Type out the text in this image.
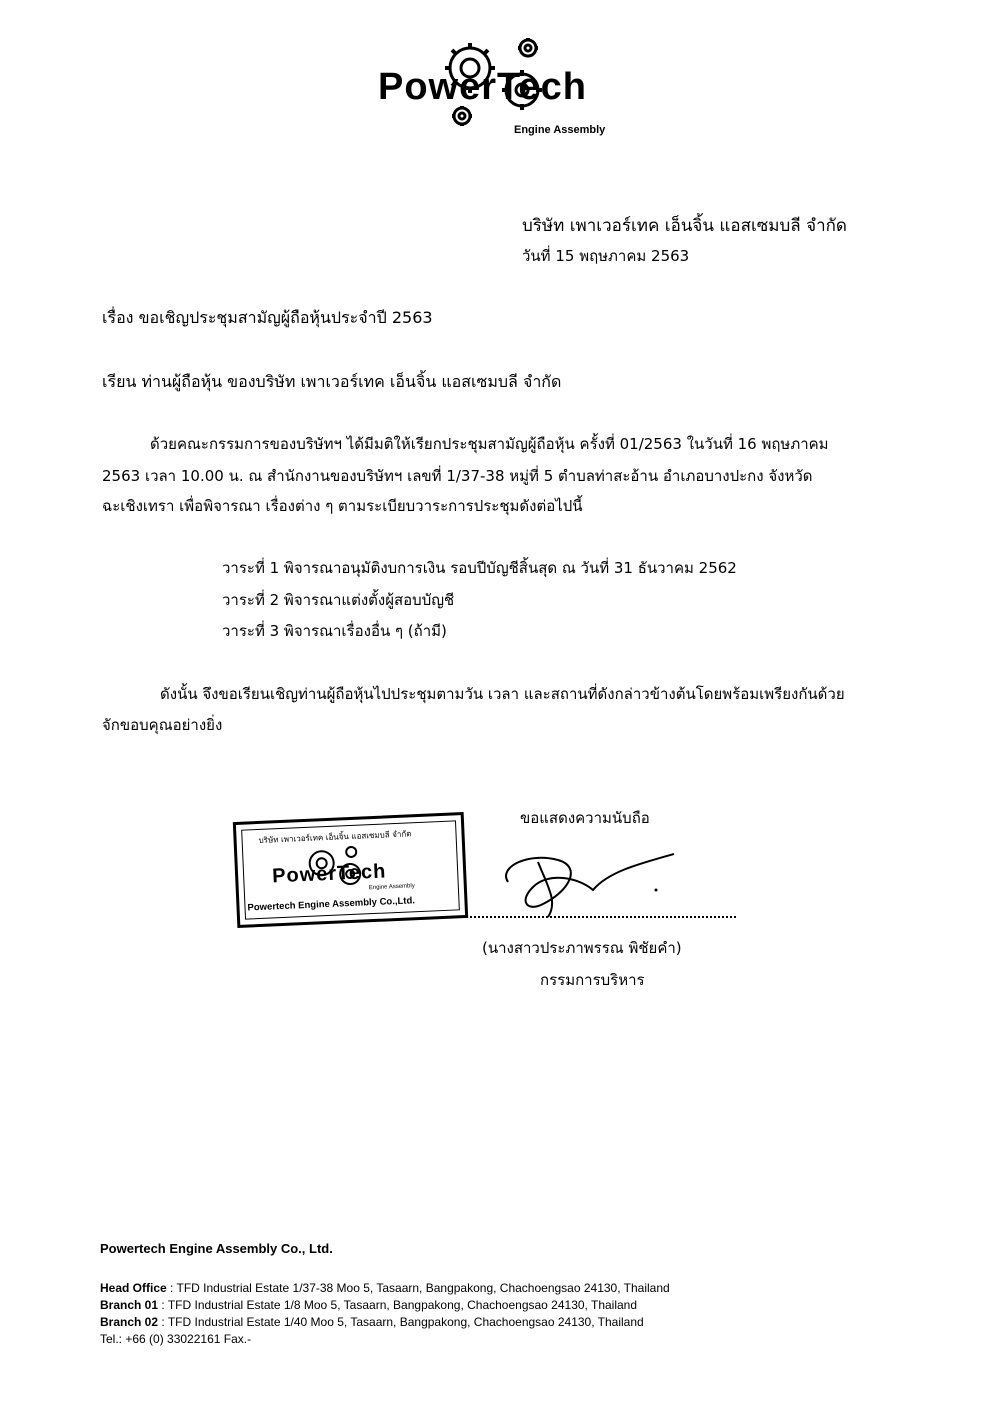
PowerTech
Engine Assembly
บริษัท เพาเวอร์เทค เอ็นจิ้น แอสเซมบลี จำกัด
วันที่ 15 พฤษภาคม 2563
เรื่อง ขอเชิญประชุมสามัญผู้ถือหุ้นประจำปี 2563
เรียน ท่านผู้ถือหุ้น ของบริษัท เพาเวอร์เทค เอ็นจิ้น แอสเซมบลี จำกัด
ด้วยคณะกรรมการของบริษัทฯ ได้มีมติให้เรียกประชุมสามัญผู้ถือหุ้น ครั้งที่ 01/2563 ในวันที่ 16 พฤษภาคม
2563 เวลา 10.00 น. ณ สำนักงานของบริษัทฯ เลขที่ 1/37-38 หมู่ที่ 5 ตำบลท่าสะอ้าน อำเภอบางปะกง จังหวัด
ฉะเชิงเทรา เพื่อพิจารณา เรื่องต่าง ๆ ตามระเบียบวาระการประชุมดังต่อไปนี้
วาระที่ 1 พิจารณาอนุมัติงบการเงิน รอบปีบัญชีสิ้นสุด ณ วันที่ 31 ธันวาคม 2562
วาระที่ 2 พิจารณาแต่งตั้งผู้สอบบัญชี
วาระที่ 3 พิจารณาเรื่องอื่น ๆ (ถ้ามี)
ดังนั้น จึงขอเรียนเชิญท่านผู้ถือหุ้นไปประชุมตามวัน เวลา และสถานที่ดังกล่าวข้างต้นโดยพร้อมเพรียงกันด้วย
จักขอบคุณอย่างยิ่ง
บริษัท เพาเวอร์เทค เอ็นจิ้น แอสเซมบลี จำกัด
PowerTech
Engine Assembly
Powertech Engine Assembly Co.,Ltd.
ขอแสดงความนับถือ
(นางสาวประภาพรรณ พิชัยคำ)
กรรมการบริหาร
Powertech Engine Assembly Co., Ltd.
Head Office : TFD Industrial Estate 1/37-38 Moo 5, Tasaarn, Bangpakong, Chachoengsao 24130, Thailand
Branch 01 : TFD Industrial Estate 1/8 Moo 5, Tasaarn, Bangpakong, Chachoengsao 24130, Thailand
Branch 02 : TFD Industrial Estate 1/40 Moo 5, Tasaarn, Bangpakong, Chachoengsao 24130, Thailand
Tel.: +66 (0) 33022161 Fax.-
